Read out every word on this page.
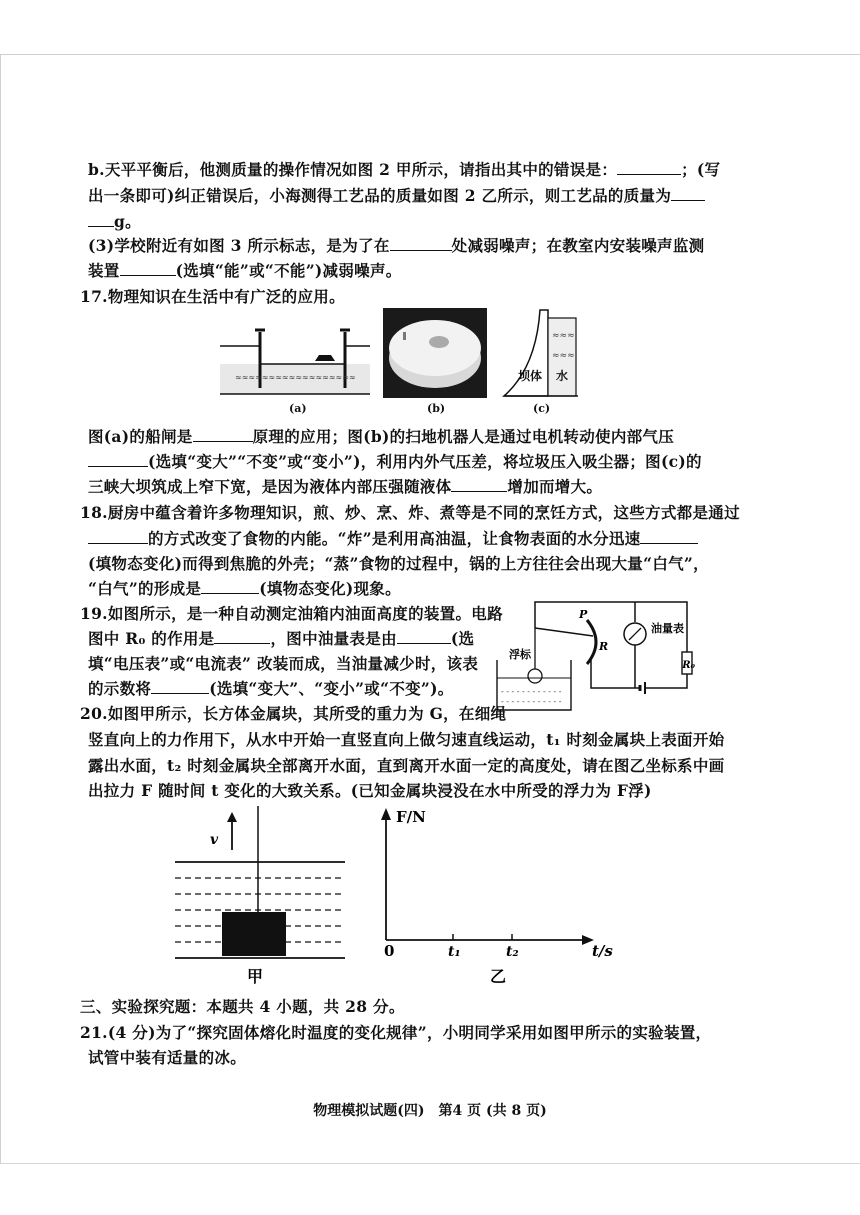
b.天平平衡后，他测质量的操作情况如图 2 甲所示，请指出其中的错误是：	；(写
出一条即可)纠正错误后，小海测得工艺品的质量如图 2 乙所示，则工艺品的质量为
g。
(3)学校附近有如图 3 所示标志，是为了在	处减弱噪声；在教室内安装噪声监测
装置	(选填“能”或“不能”)减弱噪声。
17.物理知识在生活中有广泛的应用。
≈≈≈≈≈≈≈≈≈≈≈≈≈≈≈≈≈≈
(a)	(b)
≈≈≈
≈≈≈
坝体 水
(c)
图(a)的船闸是	原理的应用；图(b)的扫地机器人是通过电机转动使内部气压
(选填“变大”“不变”或“变小”)，利用内外气压差，将垃圾压入吸尘器；图(c)的
三峡大坝筑成上窄下宽，是因为液体内部压强随液体	增加而增大。
18.厨房中蕴含着许多物理知识，煎、炒、烹、炸、煮等是不同的烹饪方式，这些方式都是通过
的方式改变了食物的内能。“炸”是利用高油温，让食物表面的水分迅速
(填物态变化)而得到焦脆的外壳；“蒸”食物的过程中，锅的上方往往会出现大量“白气”，
“白气”的形成是	(填物态变化)现象。
19.如图所示，是一种自动测定油箱内油面高度的装置。电路
图中 R₀ 的作用是	，图中油量表是由	(选
填“电压表”或“电流表” 改装而成，当油量减少时，该表
的示数将	(选填“变大”、“变小”或“不变”)。
油量表
R₀
R
P
浮标
- - - - - - - - - - - -
- - - - - - - - - - - -
20.如图甲所示，长方体金属块，其所受的重力为 G，在细绳
竖直向上的力作用下，从水中开始一直竖直向上做匀速直线运动，t₁ 时刻金属块上表面开始
露出水面，t₂ 时刻金属块全部离开水面，直到离开水面一定的高度处，请在图乙坐标系中画
出拉力 F 随时间 t 变化的大致关系。(已知金属块浸没在水中所受的浮力为 F浮)
v
甲
F/N
t/s
0	t₁	t₂
乙
三、实验探究题：本题共 4 小题，共 28 分。
21.(4 分)为了“探究固体熔化时温度的变化规律”，小明同学采用如图甲所示的实验装置，
试管中装有适量的冰。
物理模拟试题(四)　第4 页 (共 8 页)
